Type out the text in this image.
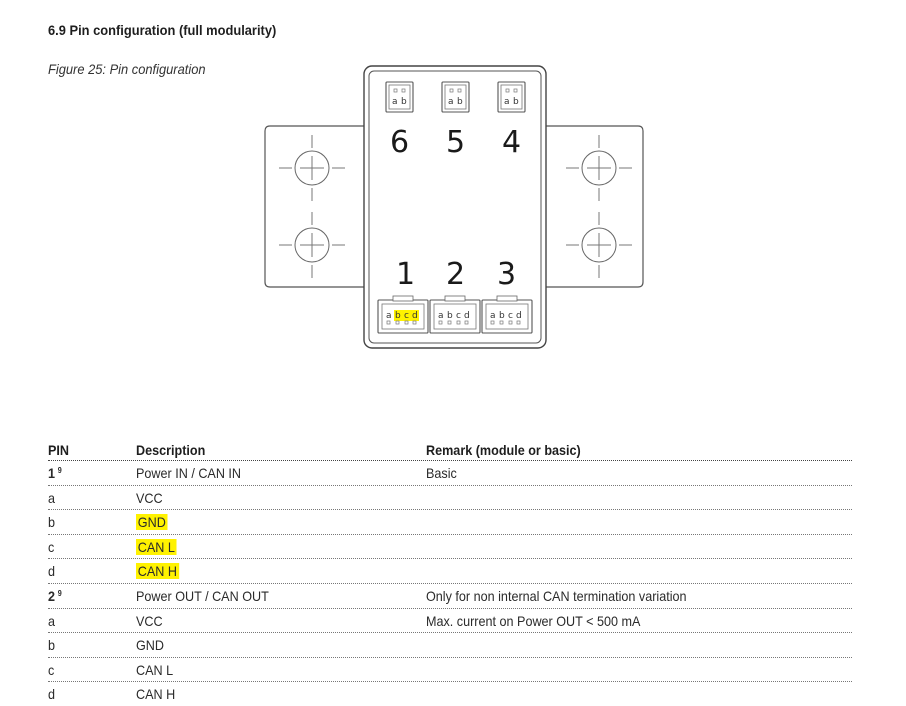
6.9 Pin configuration (full modularity)
Figure 25: Pin configuration
a b
6
a b
5
a b
4
1
a b c d
2
a b c d
3
a b c d
PIN	Description	Remark (module or basic)
1 $^9$	Power IN / CAN IN	Basic
a	VCC
b	GND
c	CAN L
d	CAN H
2 $^9$	Power OUT / CAN OUT	Only for non internal CAN termination variation
a	VCC	Max. current on Power OUT < 500 mA
b	GND
c	CAN L
d	CAN H
